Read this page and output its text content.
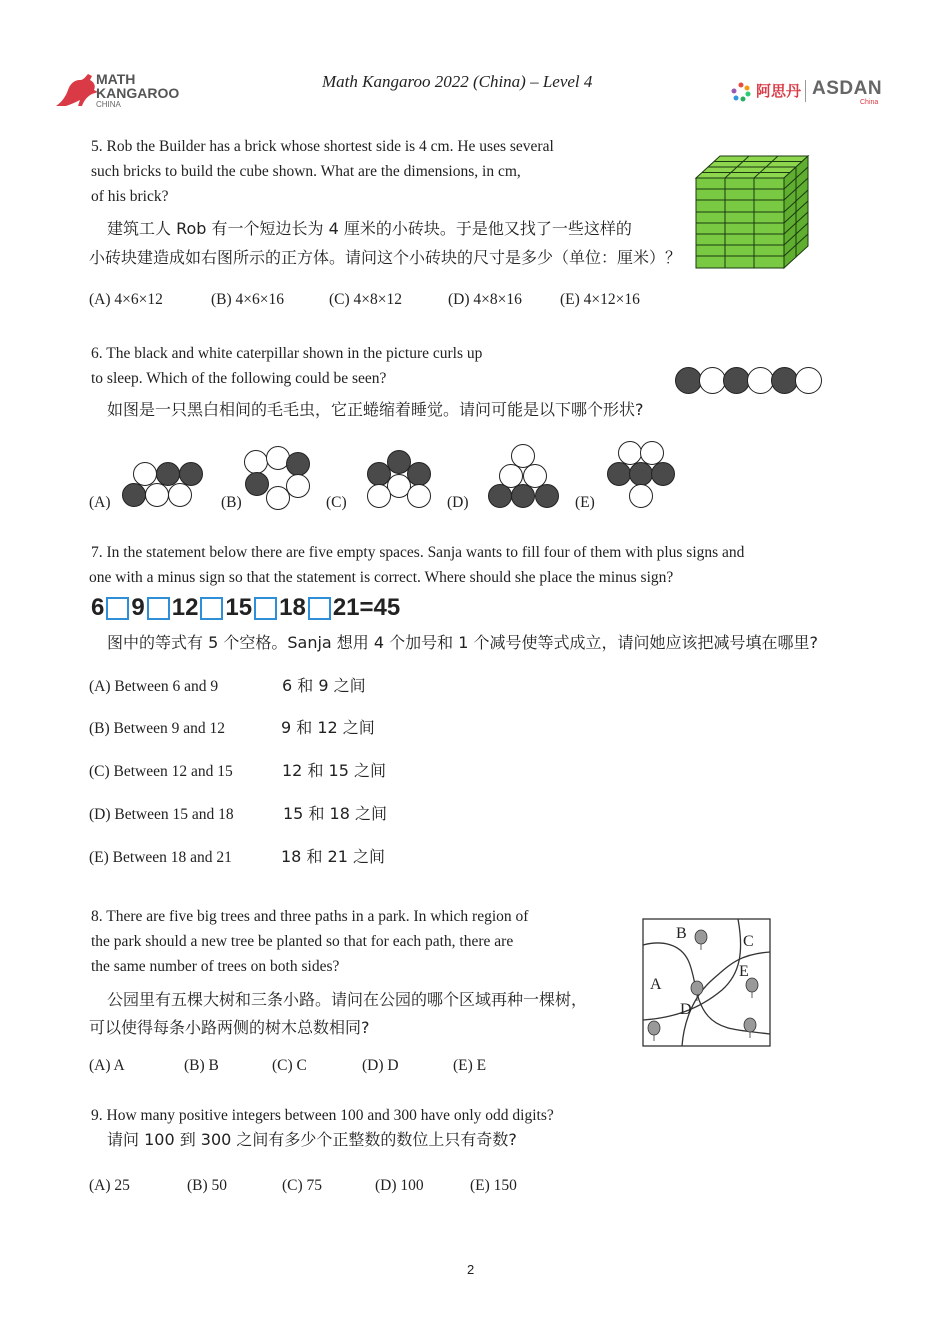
MATH
KANGAROO
CHINA
Math Kangaroo 2022 (China) – Level 4
阿思丹 ASDAN
China
5. Rob the Builder has a brick whose shortest side is 4 cm. He uses several
such bricks to build the cube shown. What are the dimensions, in cm,
of his brick?
建筑工人 Rob 有一个短边长为 4 厘米的小砖块。于是他又找了一些这样的
小砖块建造成如右图所示的正方体。请问这个小砖块的尺寸是多少（单位：厘米）？
(A) 4×6×12	(B) 4×6×16	(C) 4×8×12	(D) 4×8×16 (E) 4×12×16
6. The black and white caterpillar shown in the picture curls up
to sleep. Which of the following could be seen?
如图是一只黑白相间的毛毛虫，它正蜷缩着睡觉。请问可能是以下哪个形状?
(A)	(B)	(C)	(D)	(E)
7. In the statement below there are five empty spaces. Sanja wants to fill four of them with plus signs and
one with a minus sign so that the statement is correct. Where should she place the minus sign?
6 9 12 15 18 21=45
图中的等式有 5 个空格。Sanja 想用 4 个加号和 1 个减号使等式成立，请问她应该把减号填在哪里?
(A) Between 6 and 9	6 和 9 之间
(B) Between 9 and 12	9 和 12 之间
(C) Between 12 and 15	12 和 15 之间
(D) Between 15 and 18	15 和 18 之间
(E) Between 18 and 21	18 和 21 之间
8. There are five big trees and three paths in a park. In which region of
the park should a new tree be planted so that for each path, there are
the same number of trees on both sides?
公园里有五棵大树和三条小路。请问在公园的哪个区域再种一棵树，
可以使得每条小路两侧的树木总数相同?
B	C
A
E
D
(A) A	(B) B	(C) C	(D) D	(E) E
9. How many positive integers between 100 and 300 have only odd digits?
请问 100 到 300 之间有多少个正整数的数位上只有奇数?
(A) 25	(B) 50	(C) 75	(D) 100	(E) 150
2
